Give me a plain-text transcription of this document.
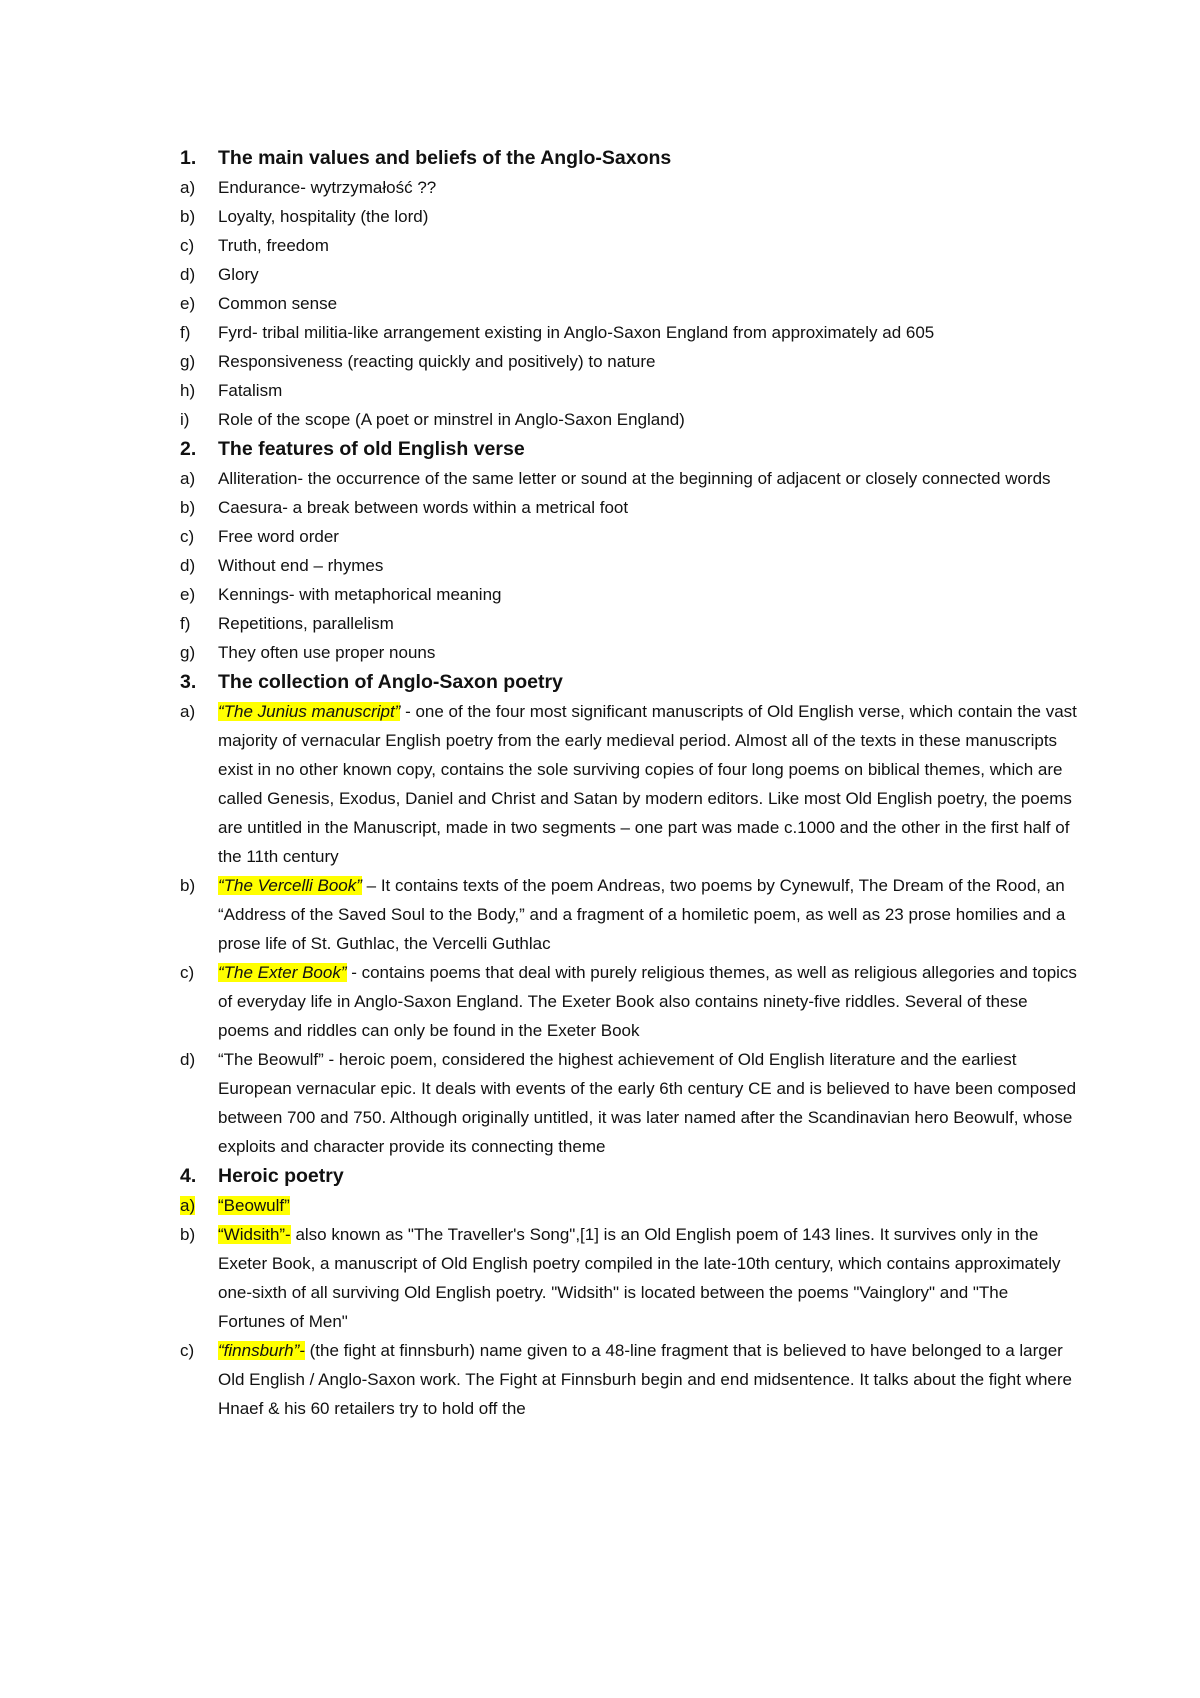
1.	The main values and beliefs of the Anglo-Saxons
a)	Endurance- wytrzymałość ??

b)	Loyalty, hospitality (the lord)

c)	Truth, freedom

d)	Glory

e)	Common sense

f)	Fyrd- tribal militia-like arrangement existing in Anglo-Saxon England from approximately ad 605

g)	Responsiveness (reacting quickly and positively) to nature

h)	Fatalism

i)	Role of the scope (A poet or minstrel in Anglo-Saxon England)

2.	The features of old English verse
a)	Alliteration- the occurrence of the same letter or sound at the beginning of adjacent or closely connected words

b)	Caesura- a break between words within a metrical foot

c)	Free word order

d)	Without end – rhymes

e)	Kennings- with metaphorical meaning

f)	Repetitions, parallelism

g)	They often use proper nouns

3.	The collection of Anglo-Saxon poetry
a)	“The Junius manuscript” - one of the four most significant manuscripts of Old English verse, which contain the vast majority of vernacular English poetry from the early medieval period. Almost all of the texts in these manuscripts exist in no other known copy, contains the sole surviving copies of four long poems on biblical themes, which are called Genesis, Exodus, Daniel and Christ and Satan by modern editors. Like most Old English poetry, the poems are untitled in the Manuscript, made in two segments – one part was made c.1000 and the other in the first half of the 11th century

b)	“The Vercelli Book” – It contains texts of the poem Andreas, two poems by Cynewulf, The Dream of the Rood, an “Address of the Saved Soul to the Body,” and a fragment of a homiletic poem, as well as 23 prose homilies and a prose life of St. Guthlac, the Vercelli Guthlac

c)	“The Exter Book” - contains poems that deal with purely religious themes, as well as religious allegories and topics of everyday life in Anglo-Saxon England. The Exeter Book also contains ninety-five riddles. Several of these poems and riddles can only be found in the Exeter Book

d)	“The Beowulf” - heroic poem, considered the highest achievement of Old English literature and the earliest European vernacular epic. It deals with events of the early 6th century CE and is believed to have been composed between 700 and 750. Although originally untitled, it was later named after the Scandinavian hero Beowulf, whose exploits and character provide its connecting theme

4.	Heroic poetry
a)	“Beowulf”

b)	“Widsith”- also known as "The Traveller's Song",[1] is an Old English poem of 143 lines. It survives only in the Exeter Book, a manuscript of Old English poetry compiled in the late-10th century, which contains approximately one-sixth of all surviving Old English poetry. "Widsith" is located between the poems "Vainglory" and "The Fortunes of Men"

c)	“finnsburh”- (the fight at finnsburh) name given to a 48-line fragment that is believed to have belonged to a larger Old English / Anglo-Saxon work. The Fight at Finnsburh begin and end midsentence. It talks about the fight where Hnaef & his 60 retailers try to hold off the
